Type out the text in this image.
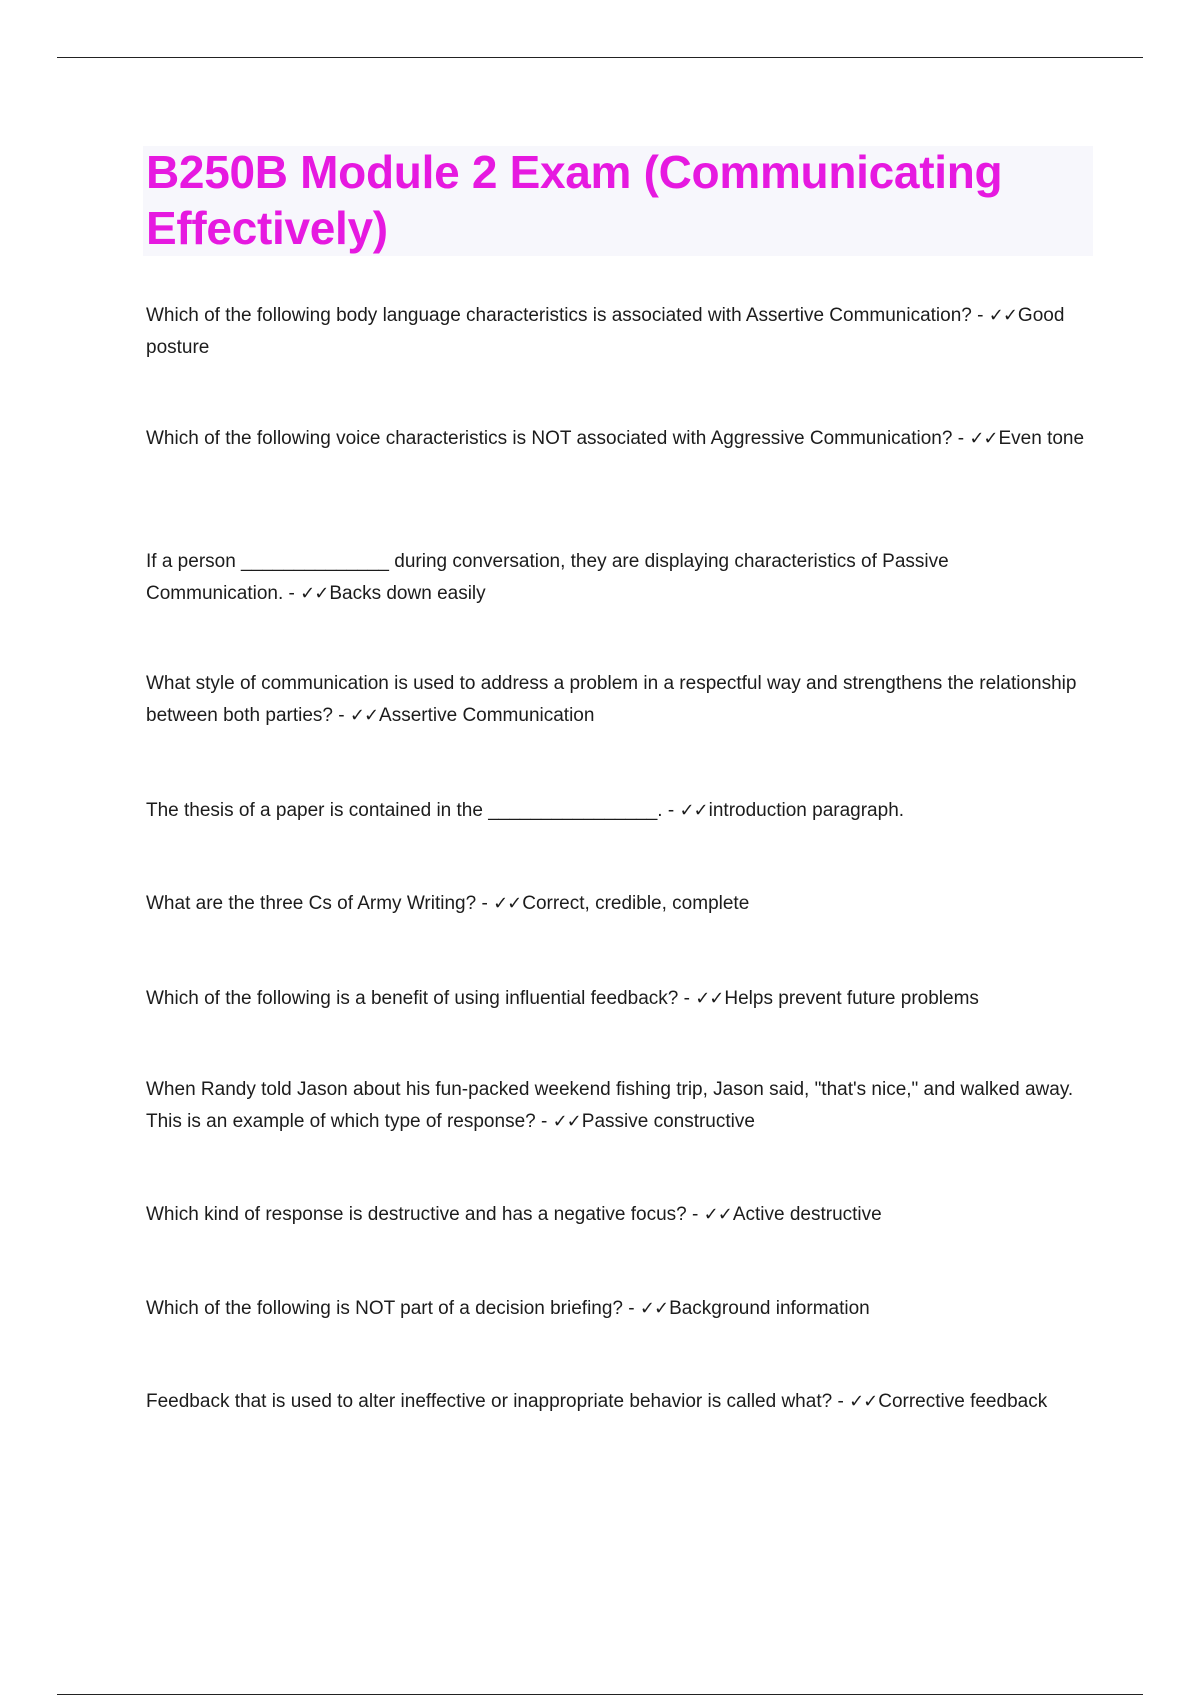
B250B Module 2 Exam (Communicating Effectively)

Which of the following body language characteristics is associated with Assertive Communication? - ✓✓Good posture

Which of the following voice characteristics is NOT associated with Aggressive Communication? - ✓✓Even tone

If a person ______________ during conversation, they are displaying characteristics of Passive Communication. - ✓✓Backs down easily

What style of communication is used to address a problem in a respectful way and strengthens the relationship between both parties? - ✓✓Assertive Communication

The thesis of a paper is contained in the ________________. - ✓✓introduction paragraph.

What are the three Cs of Army Writing? - ✓✓Correct, credible, complete

Which of the following is a benefit of using influential feedback? - ✓✓Helps prevent future problems

When Randy told Jason about his fun-packed weekend fishing trip, Jason said, "that's nice," and walked away. This is an example of which type of response? - ✓✓Passive constructive

Which kind of response is destructive and has a negative focus? - ✓✓Active destructive

Which of the following is NOT part of a decision briefing? - ✓✓Background information

Feedback that is used to alter ineffective or inappropriate behavior is called what? - ✓✓Corrective feedback
